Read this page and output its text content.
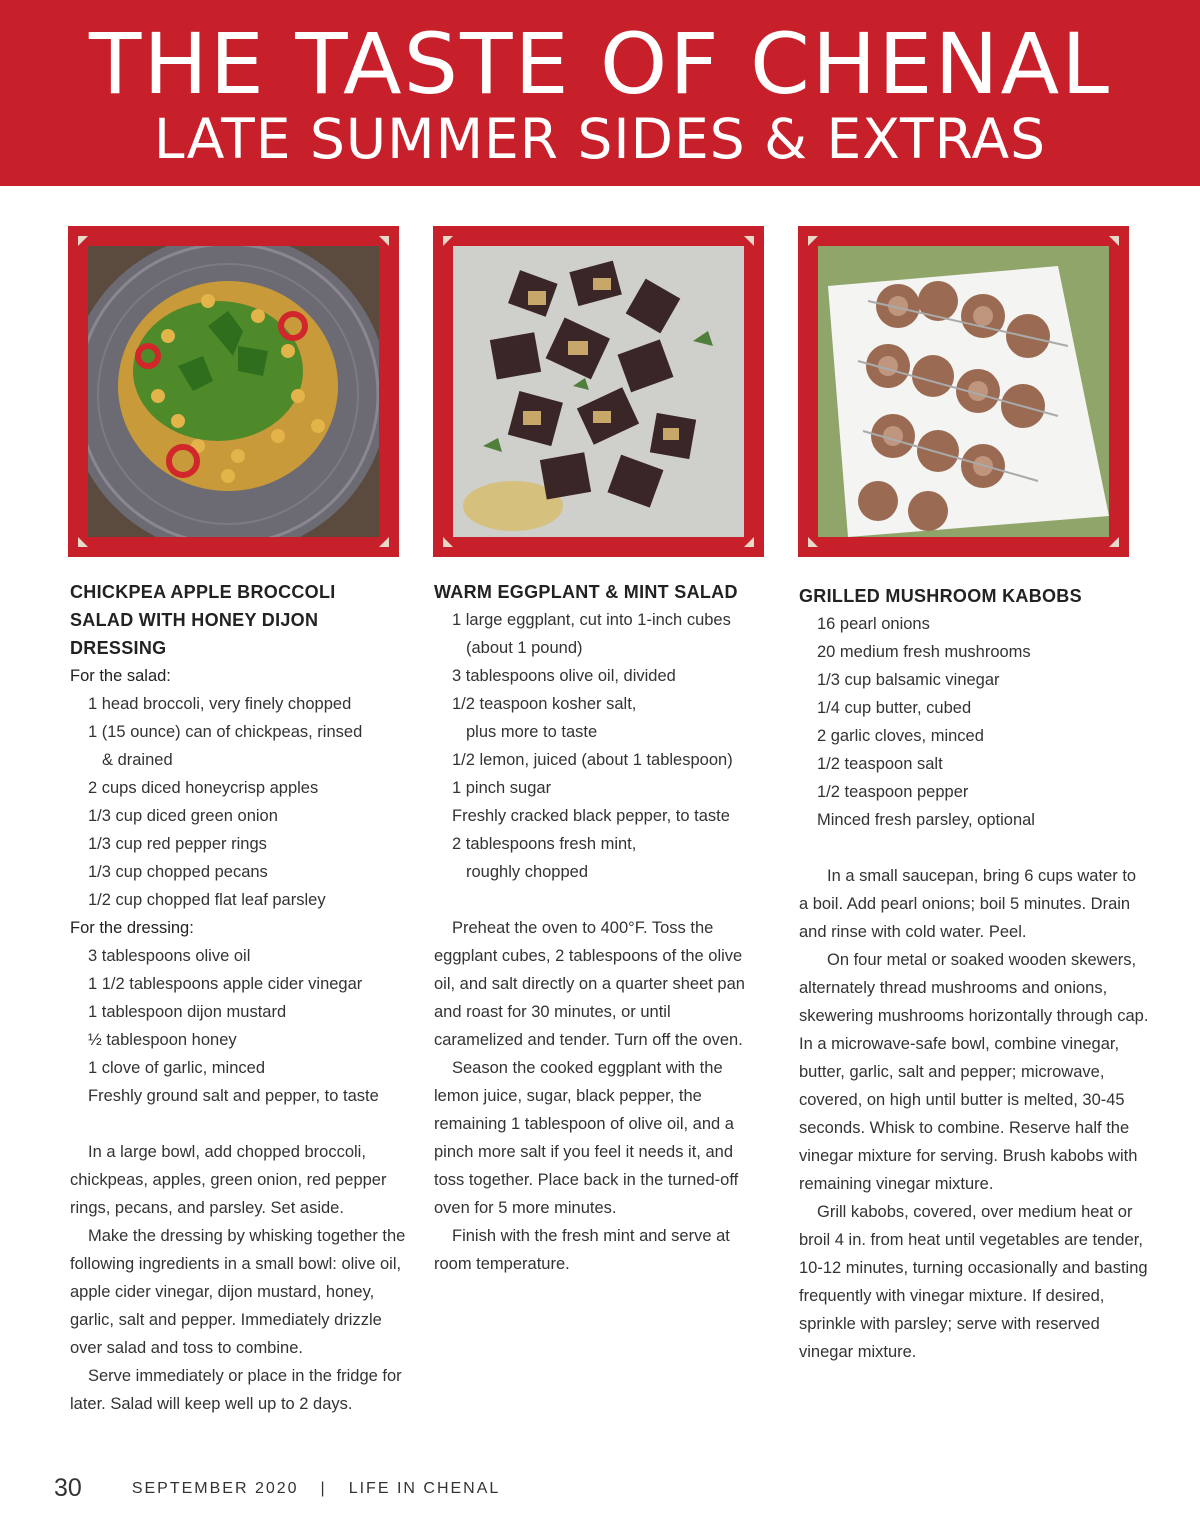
THE TASTE OF CHENAL
LATE SUMMER SIDES & EXTRAS
CHICKPEA APPLE BROCCOLI
SALAD WITH HONEY DIJON
DRESSING
For the salad:
1 head broccoli, very finely chopped
1 (15 ounce) can of chickpeas, rinsed
& drained
2 cups diced honeycrisp apples
1/3 cup diced green onion
1/3 cup red pepper rings
1/3 cup chopped pecans
1/2 cup chopped flat leaf parsley
For the dressing:
3 tablespoons olive oil
1 1/2 tablespoons apple cider vinegar
1 tablespoon dijon mustard
½ tablespoon honey
1 clove of garlic, minced
Freshly ground salt and pepper, to taste

In a large bowl, add chopped broccoli, chickpeas, apples, green onion, red pepper rings, pecans, and parsley. Set aside.

Make the dressing by whisking together the following ingredients in a small bowl: olive oil, apple cider vinegar, dijon mustard, honey, garlic, salt and pepper. Immediately drizzle over salad and toss to combine.

Serve immediately or place in the fridge for later. Salad will keep well up to 2 days.

WARM EGGPLANT & MINT SALAD
1 large eggplant, cut into 1-inch cubes
(about 1 pound)
3 tablespoons olive oil, divided
1/2 teaspoon kosher salt,
plus more to taste
1/2 lemon, juiced (about 1 tablespoon)
1 pinch sugar
Freshly cracked black pepper, to taste
2 tablespoons fresh mint,
roughly chopped

Preheat the oven to 400°F. Toss the eggplant cubes, 2 tablespoons of the olive oil, and salt directly on a quarter sheet pan and roast for 30 minutes, or until caramelized and tender. Turn off the oven.

Season the cooked eggplant with the lemon juice, sugar, black pepper, the remaining 1 tablespoon of olive oil, and a pinch more salt if you feel it needs it, and toss together. Place back in the turned-off oven for 5 more minutes.

Finish with the fresh mint and serve at room temperature.

GRILLED MUSHROOM KABOBS
16 pearl onions
20 medium fresh mushrooms
1/3 cup balsamic vinegar
1/4 cup butter, cubed
2 garlic cloves, minced
1/2 teaspoon salt
1/2 teaspoon pepper
Minced fresh parsley, optional

In a small saucepan, bring 6 cups water to a boil. Add pearl onions; boil 5 minutes. Drain and rinse with cold water. Peel.

On four metal or soaked wooden skewers, alternately thread mushrooms and onions, skewering mushrooms horizontally through cap. In a microwave-safe bowl, combine vinegar, butter, garlic, salt and pepper; microwave, covered, on high until butter is melted, 30-45 seconds. Whisk to combine. Reserve half the vinegar mixture for serving. Brush kabobs with remaining vinegar mixture.

Grill kabobs, covered, over medium heat or broil 4 in. from heat until vegetables are tender, 10-12 minutes, turning occasionally and basting frequently with vinegar mixture. If desired, sprinkle with parsley; serve with reserved vinegar mixture.

30	SEPTEMBER 2020 | LIFE IN CHENAL
